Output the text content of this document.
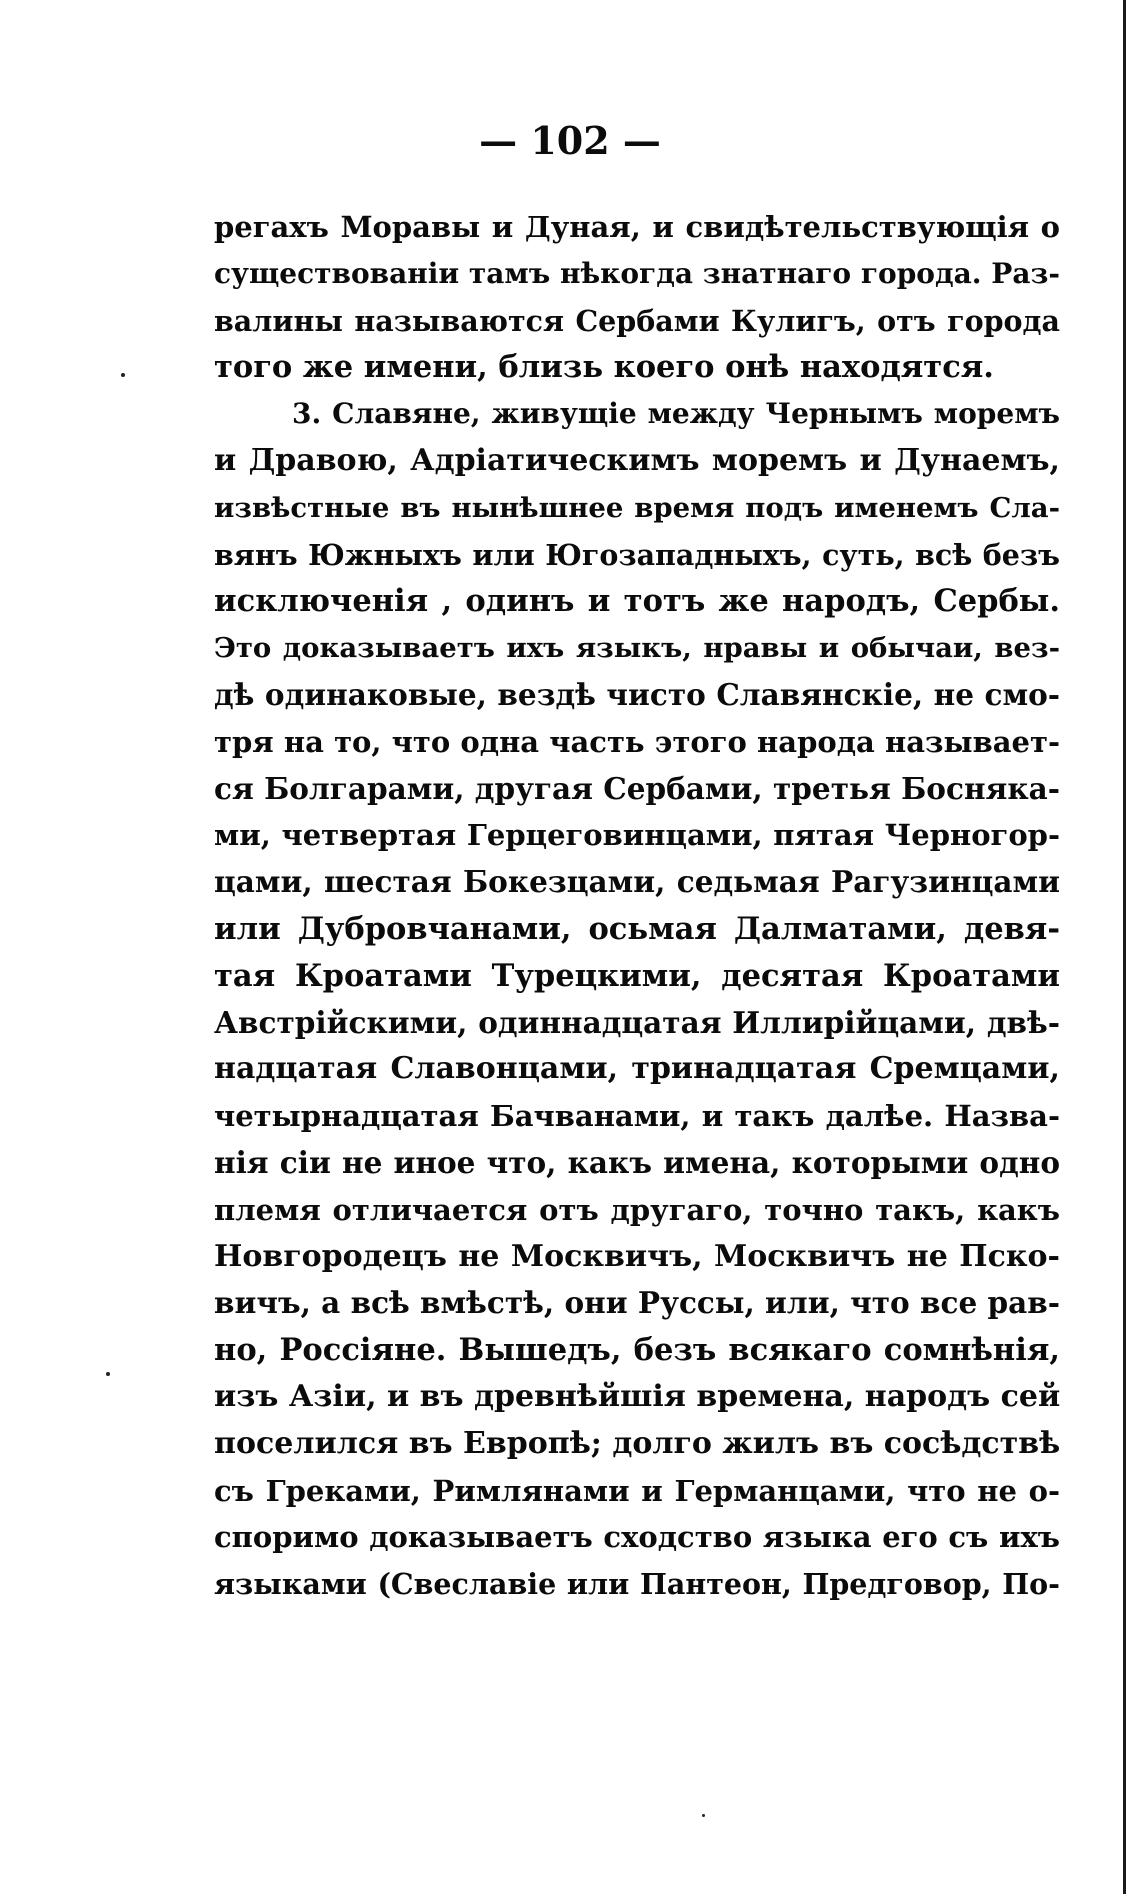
— 102 —
регахъ Моравы и Дуная, и свидѣтельствующія о
существованіи тамъ нѣкогда знатнаго города. Раз-
валины называются Сербами Кулигъ, отъ города
того же имени, близь коего онѣ находятся.
3. Славяне, живущіе между Чернымъ моремъ
и Дравою, Адріатическимъ моремъ и Дунаемъ,
извѣстные въ нынѣшнее время подъ именемъ Сла-
вянъ Южныхъ или Югозападныхъ, суть, всѣ безъ
исключенія , одинъ и тотъ же народъ, Сербы.
Это доказываетъ ихъ языкъ, нравы и обычаи, вез-
дѣ одинаковые, вездѣ чисто Славянскіе, не смо-
тря на то, что одна часть этого народа называет-
ся Болгарами, другая Сербами, третья Босняка-
ми, четвертая Герцеговинцами, пятая Черногор-
цами, шестая Бокезцами, седьмая Рагузинцами
или Дубровчанами, осьмая Далматами, девя-
тая Кроатами Турецкими, десятая Кроатами
Австрійскими, одиннадцатая Иллирійцами, двѣ-
надцатая Славонцами, тринадцатая Сремцами,
четырнадцатая Бачванами, и такъ далѣе. Назва-
нія сіи не иное что, какъ имена, которыми одно
племя отличается отъ другаго, точно такъ, какъ
Новгородецъ не Москвичъ, Москвичъ не Пско-
вичъ, а всѣ вмѣстѣ, они Руссы, или, что все рав-
но, Россіяне. Вышедъ, безъ всякаго сомнѣнія,
изъ Азіи, и въ древнѣйшія времена, народъ сей
поселился въ Европѣ; долго жилъ въ сосѣдствѣ
съ Греками, Римлянами и Германцами, что не о-
споримо доказываетъ сходство языка его съ ихъ
языками (Свеславіе или Пантеон, Предговор, По-
